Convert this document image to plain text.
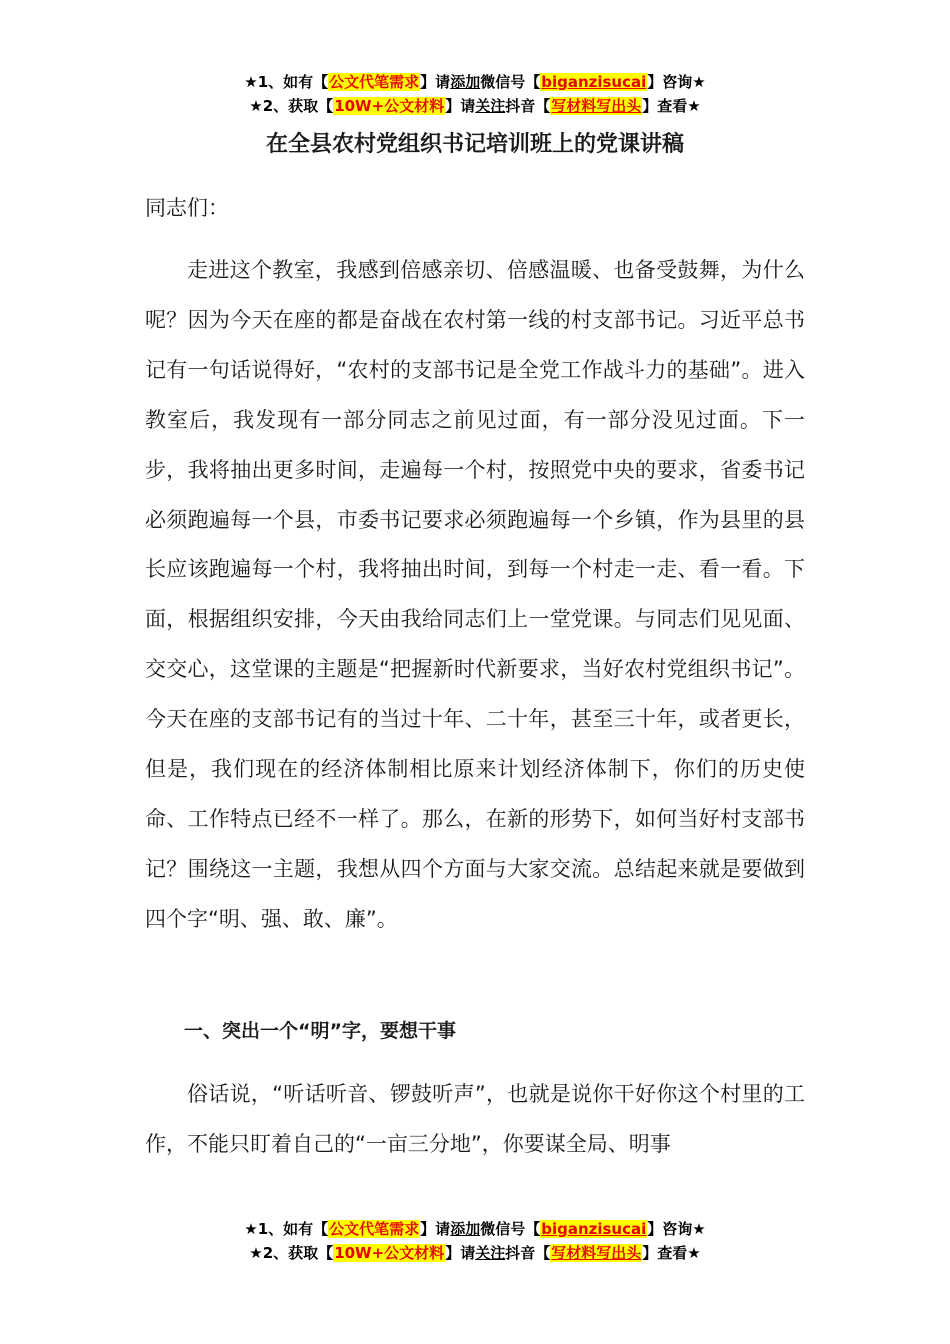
★1、如有【公文代笔需求】请添加微信号【biganzisucai】咨询★
★2、获取【10W+公文材料】请关注抖音【写材料写出头】查看★
在全县农村党组织书记培训班上的党课讲稿
同志们：

走进这个教室，我感到倍感亲切、倍感温暖、也备受鼓舞，为什么呢？因为今天在座的都是奋战在农村第一线的村支部书记。习近平总书记有一句话说得好，“农村的支部书记是全党工作战斗力的基础”。进入教室后，我发现有一部分同志之前见过面，有一部分没见过面。下一步，我将抽出更多时间，走遍每一个村，按照党中央的要求，省委书记必须跑遍每一个县，市委书记要求必须跑遍每一个乡镇，作为县里的县长应该跑遍每一个村，我将抽出时间，到每一个村走一走、看一看。下面，根据组织安排，今天由我给同志们上一堂党课。与同志们见见面、交交心，这堂课的主题是“把握新时代新要求，当好农村党组织书记”。今天在座的支部书记有的当过十年、二十年，甚至三十年，或者更长，但是，我们现在的经济体制相比原来计划经济体制下，你们的历史使命、工作特点已经不一样了。那么，在新的形势下，如何当好村支部书记？围绕这一主题，我想从四个方面与大家交流。总结起来就是要做到四个字“明、强、敢、廉”。

一、突出一个“明”字，要想干事

俗话说，“听话听音、锣鼓听声”，也就是说你干好你这个村里的工作，不能只盯着自己的“一亩三分地”，你要谋全局、明事

★1、如有【公文代笔需求】请添加微信号【biganzisucai】咨询★
★2、获取【10W+公文材料】请关注抖音【写材料写出头】查看★
